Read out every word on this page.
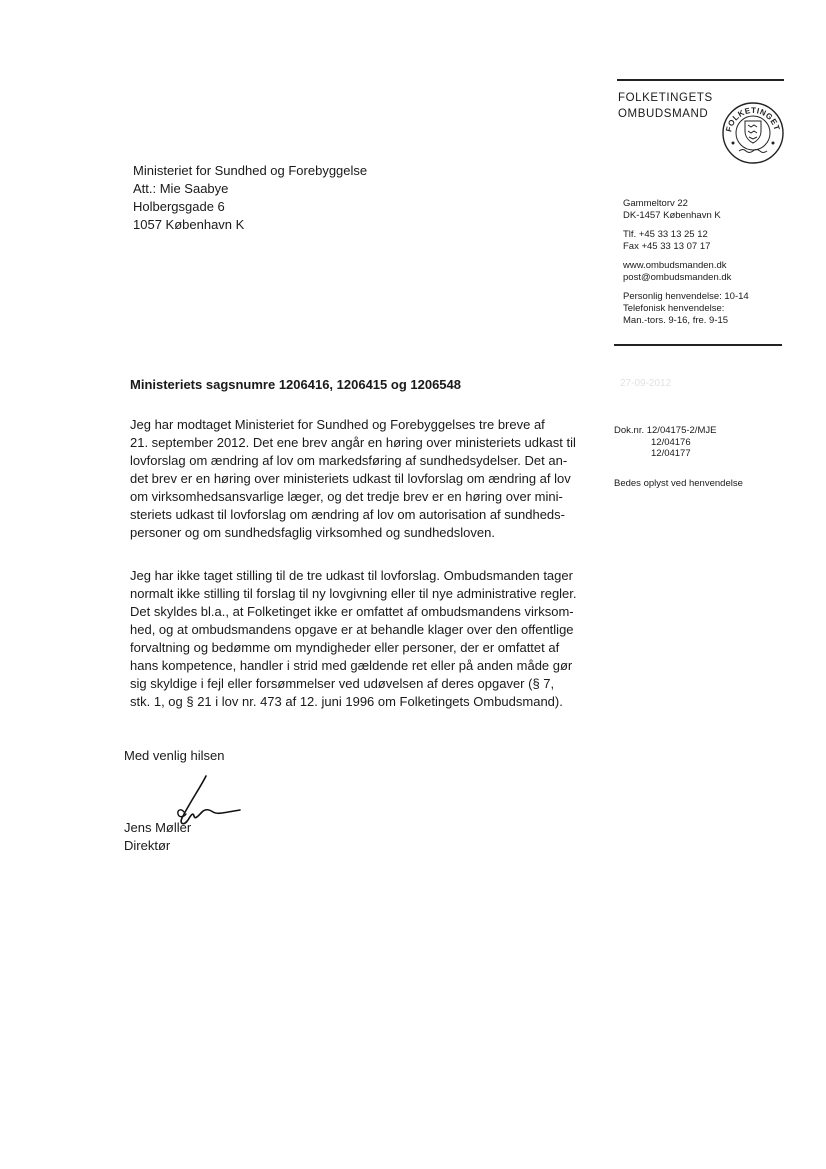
FOLKETINGETS
OMBUDSMAND
FOLKETINGET
Ministeriet for Sundhed og Forebyggelse
Att.: Mie Saabye
Holbergsgade 6
1057 København K
Gammeltorv 22
DK-1457 København K
Tlf. +45 33 13 25 12
Fax +45 33 13 07 17
www.ombudsmanden.dk
post@ombudsmanden.dk
Personlig henvendelse: 10-14
Telefonisk henvendelse:
Man.-tors. 9-16, fre. 9-15
Ministeriets sagsnumre 1206416, 1206415 og 1206548	27-09-2012
Dok.nr. 12/04175-2/MJE
12/04176
12/04177
Bedes oplyst ved henvendelse
Jeg har modtaget Ministeriet for Sundhed og Forebyggelses tre breve af
21. september 2012. Det ene brev angår en høring over ministeriets udkast til
lovforslag om ændring af lov om markedsføring af sundhedsydelser. Det an-
det brev er en høring over ministeriets udkast til lovforslag om ændring af lov
om virksomhedsansvarlige læger, og det tredje brev er en høring over mini-
steriets udkast til lovforslag om ændring af lov om autorisation af sundheds-
personer og om sundhedsfaglig virksomhed og sundhedsloven.
Jeg har ikke taget stilling til de tre udkast til lovforslag. Ombudsmanden tager
normalt ikke stilling til forslag til ny lovgivning eller til nye administrative regler.
Det skyldes bl.a., at Folketinget ikke er omfattet af ombudsmandens virksom-
hed, og at ombudsmandens opgave er at behandle klager over den offentlige
forvaltning og bedømme om myndigheder eller personer, der er omfattet af
hans kompetence, handler i strid med gældende ret eller på anden måde gør
sig skyldige i fejl eller forsømmelser ved udøvelsen af deres opgaver (§ 7,
stk. 1, og § 21 i lov nr. 473 af 12. juni 1996 om Folketingets Ombudsmand).
Med venlig hilsen
Jens Møller
Direktør
